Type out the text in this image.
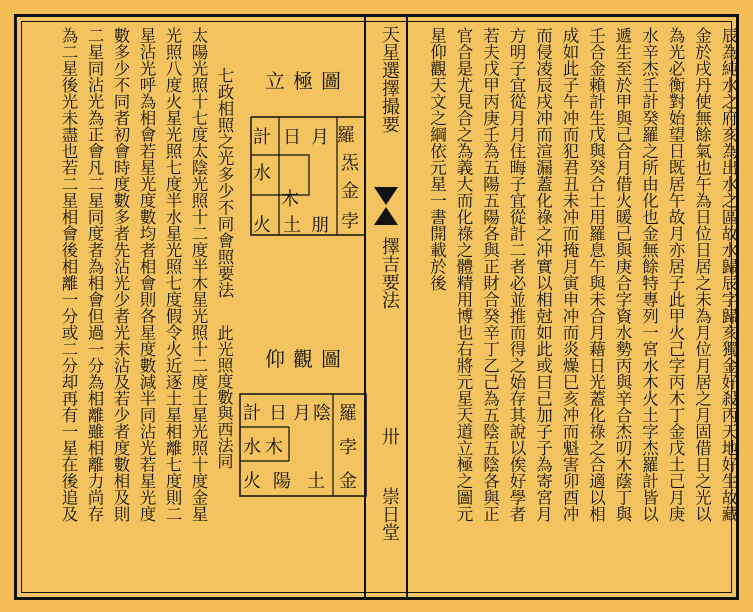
辰為純水之府亥為出水之區故水歸辰字歸亥獨金好殺丙天地好生故藏
金於戌丹使無餘氣也午為日位日居之未為月位月居之月固借日之光以
為光必衡對始望日既居午故月亦居子此甲火己字丙木丁金戊土己月庚
水辛杰壬計癸羅之所由化也金無餘特專列一宮水木火土字杰羅計皆以
遞生至於甲與己合月借火暖己與庚合字資水勢丙與辛合杰叨木蔭丁與
壬合金賴計生戊與癸合土用羅息午與未合月藉日光蓋化祿之合適以相
成如此子午冲而犯君丑未冲而掩月寅申冲而炎燥巳亥冲而魁害卯酉冲
而侵凌辰戌冲而渲漏蓋化祿之冲實以相尅如此或曰己加子子為寄宮月
方明子宜從月月住晦子宜從計二者必並推而得之始存其說以俟好學者
若夫戊甲丙庚壬為五陽五陽各與正財合癸辛丁乙己為五陰五陰各與正
官合是尤見合之為義大而化祿之體精用博也右將元星天道立極之圖元
星仰觀天文之綱依元星一書開載於後
天星選擇撮要
擇吉要法
卅
崇日堂
立極圖
羅
炁
金
孛
月
日
計
水
木
火 土 朋
仰觀圖
羅
孛
金
土
計
水 木
火
日 月 陰
陽
此光照度數與西法同
七政相照之光多少不同會照要法
太陽光照十七度太陰光照十二度半木星光照十二度土星光照十度金星
光照八度火星光照七度半水星光照七度假令火近逐土星相離七度則二
星沾光呼為相會若星光度數均者相會則各星度數減半同沾光若星光度
數多少不同者初會時度數多者先沾光少者光未沾及若少者度數相及則
二星同沾光為正會凡二星同度者為相會但過一分為相離雖相離力尚存
為二星後光未盡也若二星相會後相離一分或二分却再有一星在後追及
